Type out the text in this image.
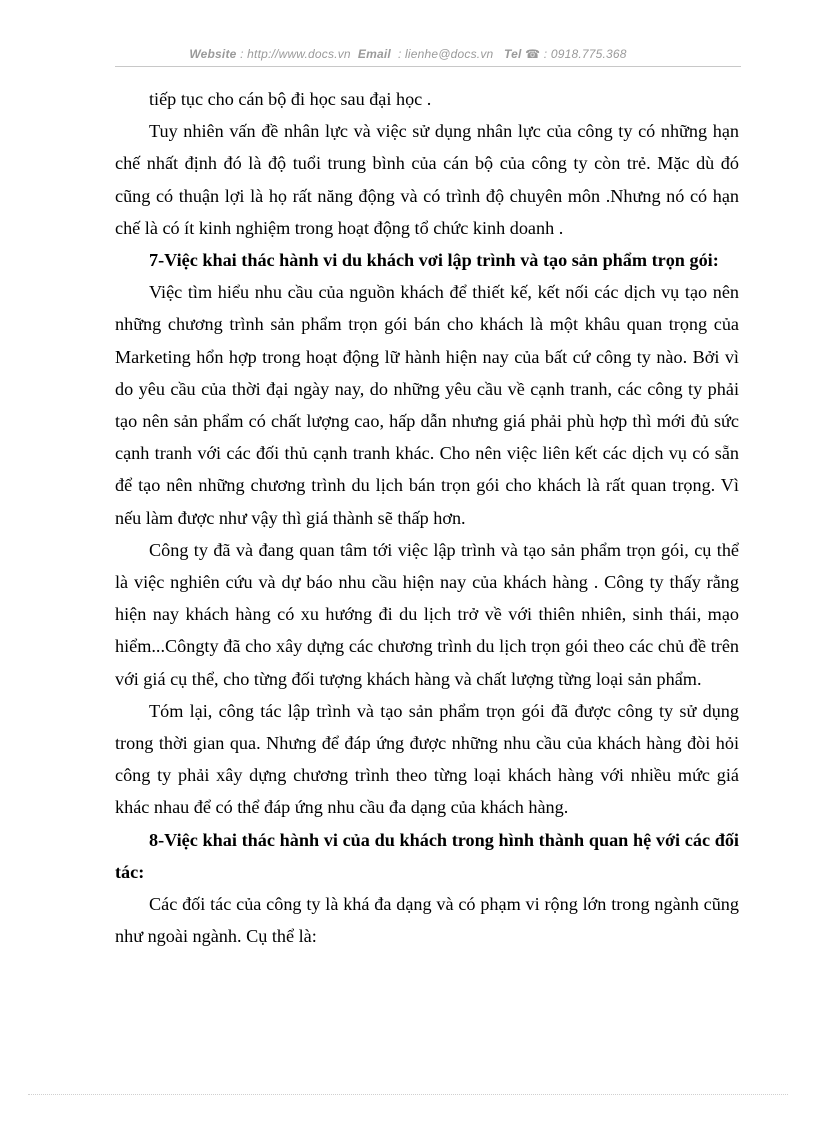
Website : http://www.docs.vn Email : lienhe@docs.vn Tel ☎ : 0918.775.368

tiếp tục cho cán bộ đi học sau đại học .

Tuy nhiên vấn đề nhân lực và việc sử dụng nhân lực của công ty có những hạn chế nhất định đó là độ tuổi trung bình của cán bộ của công ty còn trẻ. Mặc dù đó cũng có thuận lợi là họ rất năng động và có trình độ chuyên môn .Nhưng nó có hạn chế là có ít kinh nghiệm trong hoạt động tổ chức kinh doanh .

7-Việc khai thác hành vi du khách vơi lập trình và tạo sản phẩm trọn gói:

Việc tìm hiểu nhu cầu của nguồn khách để thiết kế, kết nối các dịch vụ tạo nên những chương trình sản phẩm trọn gói bán cho khách là một khâu quan trọng của Marketing hổn hợp trong hoạt động lữ hành hiện nay của bất cứ công ty nào. Bởi vì do yêu cầu của thời đại ngày nay, do những yêu cầu về cạnh tranh, các công ty phải tạo nên sản phẩm có chất lượng cao, hấp dẫn nhưng giá phải phù hợp thì mới đủ sức cạnh tranh với các đối thủ cạnh tranh khác. Cho nên việc liên kết các dịch vụ có sẵn để tạo nên những chương trình du lịch bán trọn gói cho khách là rất quan trọng. Vì nếu làm được như vậy thì giá thành sẽ thấp hơn.

Công ty đã và đang quan tâm tới việc lập trình và tạo sản phẩm trọn gói, cụ thể là việc nghiên cứu và dự báo nhu cầu hiện nay của khách hàng . Công ty thấy rằng hiện nay khách hàng có xu hướng đi du lịch trở về với thiên nhiên, sinh thái, mạo hiểm...Côngty đã cho xây dựng các chương trình du lịch trọn gói theo các chủ đề trên với giá cụ thể, cho từng đối tượng khách hàng và chất lượng từng loại sản phẩm.

Tóm lại, công tác lập trình và tạo sản phẩm trọn gói đã được công ty sử dụng trong thời gian qua. Nhưng để đáp ứng được những nhu cầu của khách hàng đòi hỏi công ty phải xây dựng chương trình theo từng loại khách hàng với nhiều mức giá khác nhau để có thể đáp ứng nhu cầu đa dạng của khách hàng.

8-Việc khai thác hành vi của du khách trong hình thành quan hệ với các đối tác:

Các đối tác của công ty là khá đa dạng và có phạm vi rộng lớn trong ngành cũng như ngoài ngành. Cụ thể là:
